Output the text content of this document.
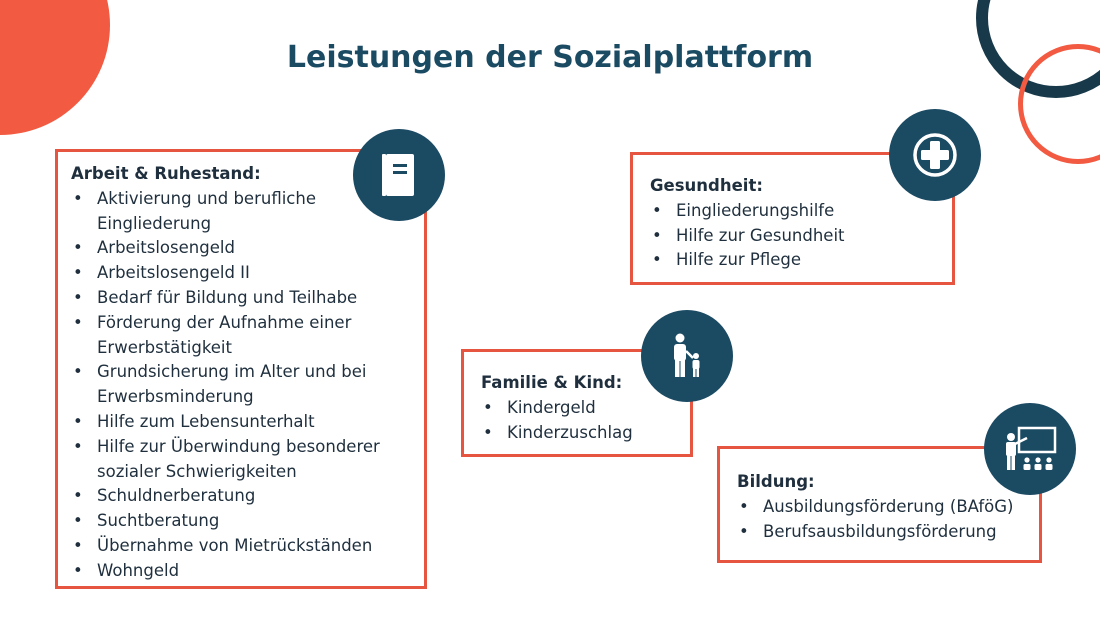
Leistungen der Sozialplattform
Arbeit & Ruhestand:
• Aktivierung und berufliche Eingliederung
• Arbeitslosengeld
• Arbeitslosengeld II
• Bedarf für Bildung und Teilhabe
• Förderung der Aufnahme einer Erwerbstätigkeit
• Grundsicherung im Alter und bei Erwerbsminderung
• Hilfe zum Lebensunterhalt
• Hilfe zur Überwindung besonderer sozialer Schwierigkeiten
• Schuldnerberatung
• Suchtberatung
• Übernahme von Mietrückständen
• Wohngeld
Gesundheit:
• Eingliederungshilfe
• Hilfe zur Gesundheit
• Hilfe zur Pflege
Familie & Kind:
• Kindergeld
• Kinderzuschlag
Bildung:
• Ausbildungsförderung (BAföG)
• Berufsausbildungsförderung
